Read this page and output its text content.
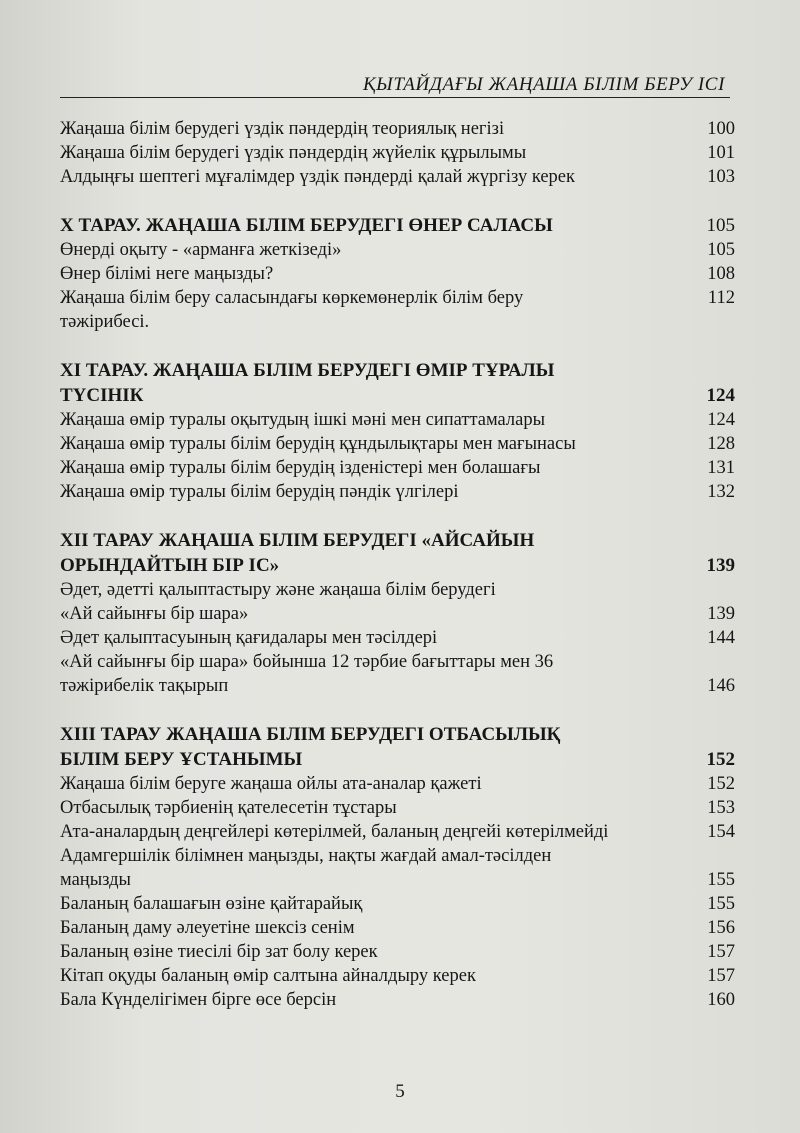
ҚЫТАЙДАҒЫ ЖАҢАША БІЛІМ БЕРУ ІСІ
Жаңаша білім берудегі үздік пәндердің теориялық негізі	100
Жаңаша білім берудегі үздік пәндердің жүйелік құрылымы	101
Алдыңғы шептегі мұғалімдер үздік пәндерді қалай жүргізу керек	103
X ТАРАУ. ЖАҢАША БІЛІМ БЕРУДЕГІ ӨНЕР САЛАСЫ	105
Өнерді оқыту - «арманға жеткізеді»	105
Өнер білімі неге маңызды?	108
Жаңаша білім беру саласындағы көркемөнерлік білім беру	112
тәжірибесі.
XI ТАРАУ. ЖАҢАША БІЛІМ БЕРУДЕГІ ӨМІР ТҰРАЛЫ
ТҮСІНІК	124
Жаңаша өмір туралы оқытудың ішкі мәні мен сипаттамалары	124
Жаңаша өмір туралы білім берудің құндылықтары мен мағынасы	128
Жаңаша өмір туралы білім берудің ізденістері мен болашағы	131
Жаңаша өмір туралы білім берудің пәндік үлгілері	132
XII ТАРАУ ЖАҢАША БІЛІМ БЕРУДЕГІ «АЙСАЙЫН
ОРЫНДАЙТЫН БІР ІС»	139
Әдет, әдетті қалыптастыру және жаңаша білім берудегі
«Ай сайынғы бір шара»	139
Әдет қалыптасуының қағидалары мен тәсілдері	144
«Ай сайынғы бір шара» бойынша 12 тәрбие бағыттары мен 36
тәжірибелік тақырып	146
XIII ТАРАУ ЖАҢАША БІЛІМ БЕРУДЕГІ ОТБАСЫЛЫҚ
БІЛІМ БЕРУ ҰСТАНЫМЫ	152
Жаңаша білім беруге жаңаша ойлы ата-аналар қажеті	152
Отбасылық тәрбиенің қателесетін тұстары	153
Ата-аналардың деңгейлері көтерілмей, баланың деңгейі көтерілмейді	154
Адамгершілік білімнен маңызды, нақты жағдай амал-тәсілден
маңызды	155
Баланың балашағын өзіне қайтарайық	155
Баланың даму әлеуетіне шексіз сенім	156
Баланың өзіне тиесілі бір зат болу керек	157
Кітап оқуды баланың өмір салтына айналдыру керек	157
Бала Күнделігімен бірге өсе берсін	160
5
